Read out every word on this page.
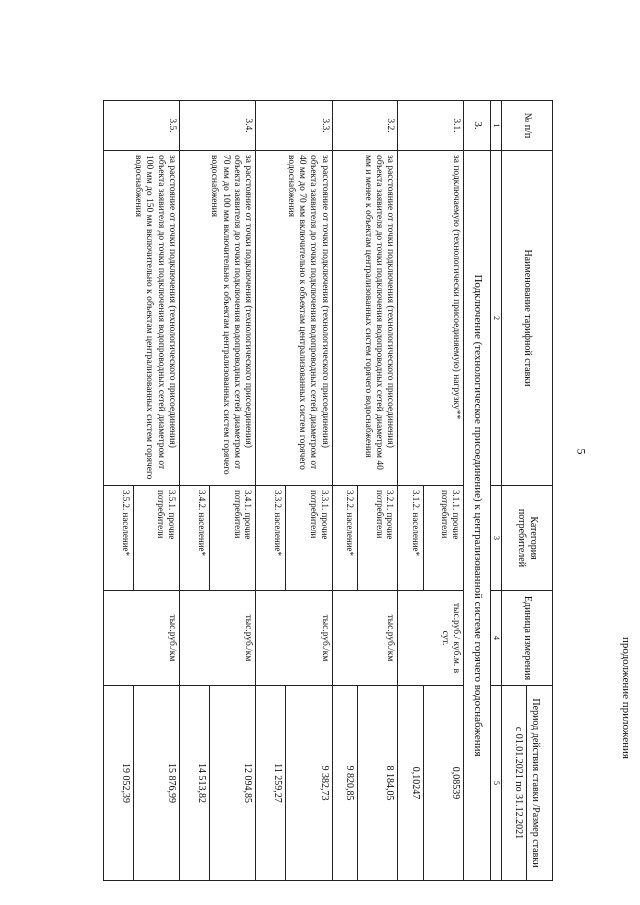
5
продолжение приложения
№ п/п	Наименование тарифной ставки	Категория потребителей	Единица измерения	Период действия ставки /Размер ставки
с 01.01.2021 по 31.12.2021

1	2	3	4	5
3.	Подключение (технологическое присоединение) к централизованной системе горячего водоснабжения			
3.1.	за подключаемую (технологически присоединяемую) нагрузку**	3.1.1. прочие потребители	тыс.руб./ куб.м. в сут.	0,08539
		3.1.2. население*		0,10247
3.2.	за расстояние от точки подключения (технологического присоединения) объекта заявителя до точки подключения водопроводных сетей диаметром 40 мм и менее к объектам централизованных систем горячего водоснабжения	3.2.1. прочие потребители	тыс.руб./км	8 184,05
		3.2.2. население*		9 820,85
3.3.	за расстояние от точки подключения (технологического присоединения) объекта заявителя до точки подключения водопроводных сетей диаметром от 40 мм до 70 мм включительно к объектам централизованных систем горячего водоснабжения	3.3.1. прочие потребители	тыс.руб./км	9 382,73
		3.3.2. население*		11 259,27
3.4.	за расстояние от точки подключения (технологического присоединения) объекта заявителя до точки подключения водопроводных сетей диаметром от 70 мм до 100 мм включительно к объектам централизованных систем горячего водоснабжения	3.4.1. прочие потребители	тыс.руб./км	12 094,85
		3.4.2. население*		14 513,82
3.5.	за расстояние от точки подключения (технологического присоединения) объекта заявителя до точки подключения водопроводных сетей диаметром от 100 мм до 150 мм включительно к объектам централизованных систем горячего водоснабжения	3.5.1. прочие потребители	тыс.руб./км	15 876,99
		3.5.2. население*		19 052,39
